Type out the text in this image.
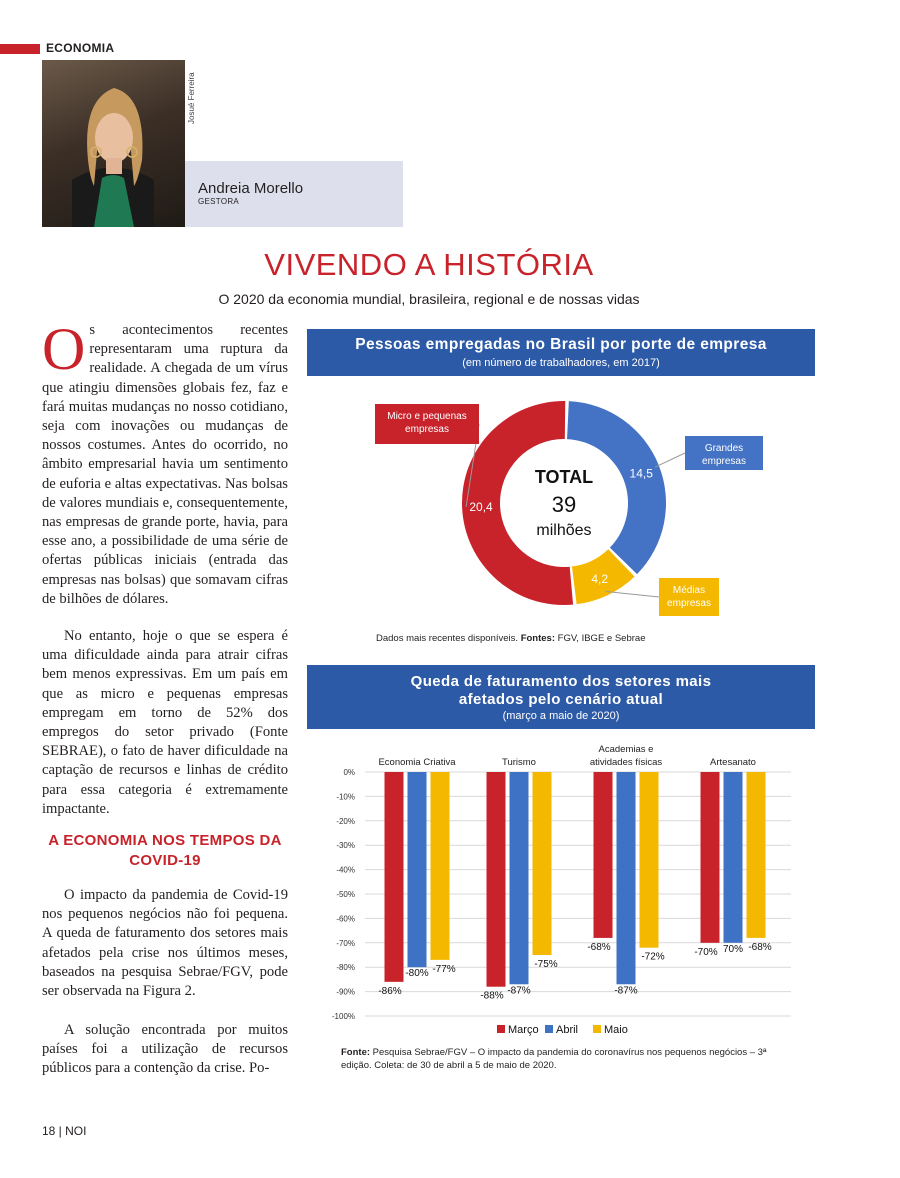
ECONOMIA
Josué Ferreira
Andreia Morello
GESTORA
VIVENDO A HISTÓRIA
O 2020 da economia mundial, brasileira, regional e de nossas vidas
Os acontecimentos recentes representaram uma ruptura da realidade. A chegada de um vírus que atingiu dimensões globais fez, faz e fará muitas mudanças no nosso cotidiano, seja com inovações ou mudanças de nossos costumes. Antes do ocorrido, no âmbito empresarial havia um sentimento de euforia e altas expectativas. Nas bolsas de valores mundiais e, consequentemente, nas empresas de grande porte, havia, para esse ano, a possibilidade de uma série de ofertas públicas iniciais (entrada das empresas nas bolsas) que somavam cifras de bilhões de dólares.
No entanto, hoje o que se espera é uma dificuldade ainda para atrair cifras bem menos expressivas. Em um país em que as micro e pequenas empresas empregam em torno de 52% dos empregos do setor privado (Fonte SEBRAE), o fato de haver dificuldade na captação de recursos e linhas de crédito para essa categoria é extremamente impactante.
A ECONOMIA NOS TEMPOS DA COVID-19
O impacto da pandemia de Covid-19 nos pequenos negócios não foi pequena. A queda de faturamento dos setores mais afetados pela crise nos últimos meses, baseados na pesquisa Sebrae/FGV, pode ser observada na Figura 2.
A solução encontrada por muitos países foi a utilização de recursos públicos para a contenção da crise. Po-
18 | NOI
Pessoas empregadas no Brasil por porte de empresa
(em número de trabalhadores, em 2017)
14,5
4,2
20,4
Micro e pequenas
empresas
Grandes
empresas
Médias
empresas
TOTAL
39
milhões
Dados mais recentes disponíveis. Fontes: FGV, IBGE e Sebrae
Queda de faturamento dos setores mais
afetados pelo cenário atual
(março a maio de 2020)
0%
-10%
-20%
-30%
-40%
-50%
-60%
-70%
-80%
-90%
-100%
Economia Criativa	Turismo
Academias e
atividades físicas	Artesanato
-86%
-80% -77%
-88% -87%
-75%
-68%
-87%
-72%	-70% 70% -68%
Março Abril Maio
Fonte: Pesquisa Sebrae/FGV – O impacto da pandemia do coronavírus nos pequenos negócios – 3ª edição. Coleta: de 30 de abril a 5 de maio de 2020.
